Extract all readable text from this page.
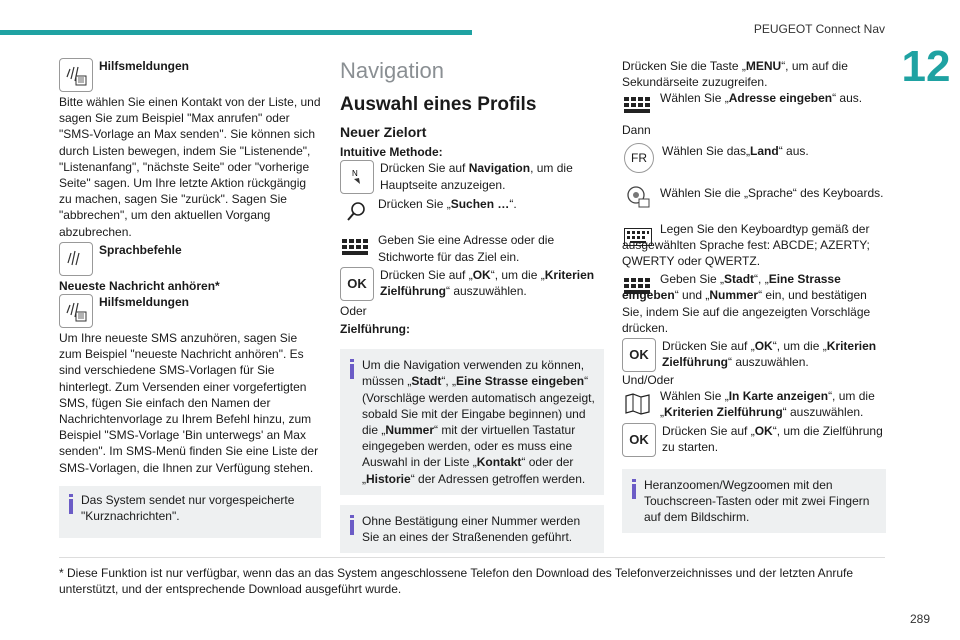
PEUGEOT Connect Nav
12
Hilfsmeldungen

Bitte wählen Sie einen Kontakt von der Liste, und sagen Sie zum Beispiel "Max anrufen" oder "SMS-Vorlage an Max senden". Sie können sich durch Listen bewegen, indem Sie "Listenende", "Listenanfang", "nächste Seite" oder "vorherige Seite" sagen. Um Ihre letzte Aktion rückgängig zu machen, sagen Sie "zurück". Sagen Sie "abbrechen", um den aktuellen Vorgang abzubrechen.

Sprachbefehle

Neueste Nachricht anhören*

Hilfsmeldungen

Um Ihre neueste SMS anzuhören, sagen Sie zum Beispiel "neueste Nachricht anhören". Es sind verschiedene SMS-Vorlagen für Sie hinterlegt. Zum Versenden einer vorgefertigten SMS, fügen Sie einfach den Namen der Nachrichtenvorlage zu Ihrem Befehl hinzu, zum Beispiel "SMS-Vorlage 'Bin unterwegs' an Max senden". Im SMS-Menü finden Sie eine Liste der SMS-Vorlagen, die Ihnen zur Verfügung stehen.

Das System sendet nur vorgespeicherte "Kurznachrichten".
Navigation
Auswahl eines Profils
Neuer Zielort
Intuitive Methode:
N Drücken Sie auf Navigation, um die Hauptseite anzuzeigen.
Drücken Sie „Suchen …“.
Geben Sie eine Adresse oder die Stichworte für das Ziel ein.
OK
Drücken Sie auf „OK“, um die „Kriterien Zielführung“ auszuwählen.

Oder

Zielführung:

Um die Navigation verwenden zu können, müssen „Stadt“, „Eine Strasse eingeben“ (Vorschläge werden automatisch angezeigt, sobald Sie mit der Eingabe beginnen) und die „Nummer“ mit der virtuellen Tastatur eingegeben werden, oder es muss eine Auswahl in der Liste „Kontakt“ oder der „Historie“ der Adressen getroffen werden.
Ohne Bestätigung einer Nummer werden Sie an eines der Straßenenden geführt.

Drücken Sie die Taste „MENU“, um auf die Sekundärseite zuzugreifen.

Wählen Sie „Adresse eingeben“ aus.

Dann

FR	Wählen Sie das„Land“ aus.
Wählen Sie die „Sprache“ des Keyboards.

Legen Sie den Keyboardtyp gemäß der ausgewählten Sprache fest: ABCDE; AZERTY; QWERTY oder QWERTZ.

Geben Sie „Stadt“, „Eine Strasse eingeben“ und „Nummer“ ein, und bestätigen Sie, indem Sie auf die angezeigten Vorschläge drücken.

OK
Drücken Sie auf „OK“, um die „Kriterien Zielführung“ auszuwählen.

Und/Oder

Wählen Sie „In Karte anzeigen“, um die „Kriterien Zielführung“ auszuwählen.
OK
Drücken Sie auf „OK“, um die Zielführung zu starten.
Heranzoomen/Wegzoomen mit den Touchscreen-Tasten oder mit zwei Fingern auf dem Bildschirm.
* Diese Funktion ist nur verfügbar, wenn das an das System angeschlossene Telefon den Download des Telefonverzeichnisses und der letzten Anrufe unterstützt, und der entsprechende Download ausgeführt wurde.
289
